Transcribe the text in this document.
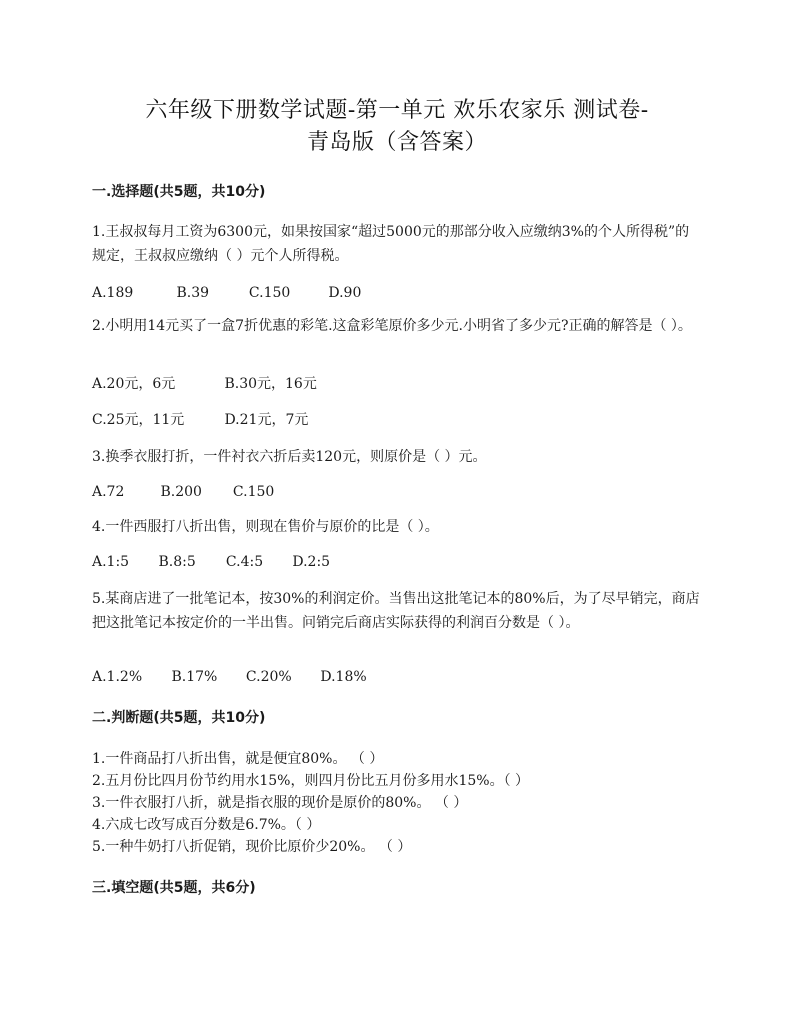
六年级下册数学试题-第一单元 欢乐农家乐 测试卷-
青岛版（含答案）
一.选择题(共5题，共10分)
1.王叔叔每月工资为6300元，如果按国家“超过5000元的那部分收入应缴纳3%的个人所得税”的规定，王叔叔应缴纳（ ）元个人所得税。
A.189	B.39	C.150	D.90
2.小明用14元买了一盒7折优惠的彩笔.这盒彩笔原价多少元.小明省了多少元?正确的解答是（ ）。
A.20元，6元	B.30元，16元
C.25元，11元	D.21元，7元
3.换季衣服打折，一件衬衣六折后卖120元，则原价是（ ）元。
A.72	B.200 C.150
4.一件西服打八折出售，则现在售价与原价的比是（ ）。
A.1:5 B.8:5 C.4:5 D.2:5
5.某商店进了一批笔记本，按30%的利润定价。当售出这批笔记本的80%后，为了尽早销完，商店把这批笔记本按定价的一半出售。问销完后商店实际获得的利润百分数是（ ）。
A.1.2% B.17% C.20% D.18%
二.判断题(共5题，共10分)
1.一件商品打八折出售，就是便宜80%。 （ ）
2.五月份比四月份节约用水15%，则四月份比五月份多用水15%。（ ）
3.一件衣服打八折，就是指衣服的现价是原价的80%。 （ ）
4.六成七改写成百分数是6.7%。（ ）
5.一种牛奶打八折促销，现价比原价少20%。 （ ）
三.填空题(共5题，共6分)
